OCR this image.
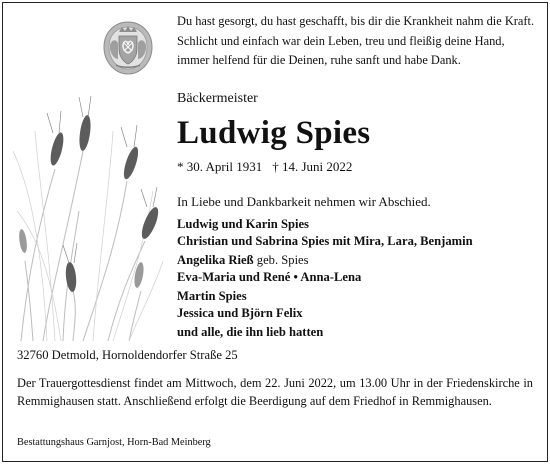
Du hast gesorgt, du hast geschafft, bis dir die Krankheit nahm die Kraft.
Schlicht und einfach war dein Leben, treu und fleißig deine Hand,
immer helfend für die Deinen, ruhe sanft und habe Dank.
Bäckermeister
Ludwig Spies
* 30. April 1931 † 14. Juni 2022
In Liebe und Dankbarkeit nehmen wir Abschied.
Ludwig und Karin Spies
Christian und Sabrina Spies mit Mira, Lara, Benjamin
Angelika Rieß geb. Spies
Eva-Maria und René • Anna-Lena
Martin Spies
Jessica und Björn Felix
und alle, die ihn lieb hatten
32760 Detmold, Hornoldendorfer Straße 25
Der Trauergottesdienst findet am Mittwoch, dem 22. Juni 2022, um 13.00 Uhr in der Friedenskirche in Remmighausen statt. Anschließend erfolgt die Beerdigung auf dem Friedhof in Remmighausen.
Bestattungshaus Garnjost, Horn-Bad Meinberg
